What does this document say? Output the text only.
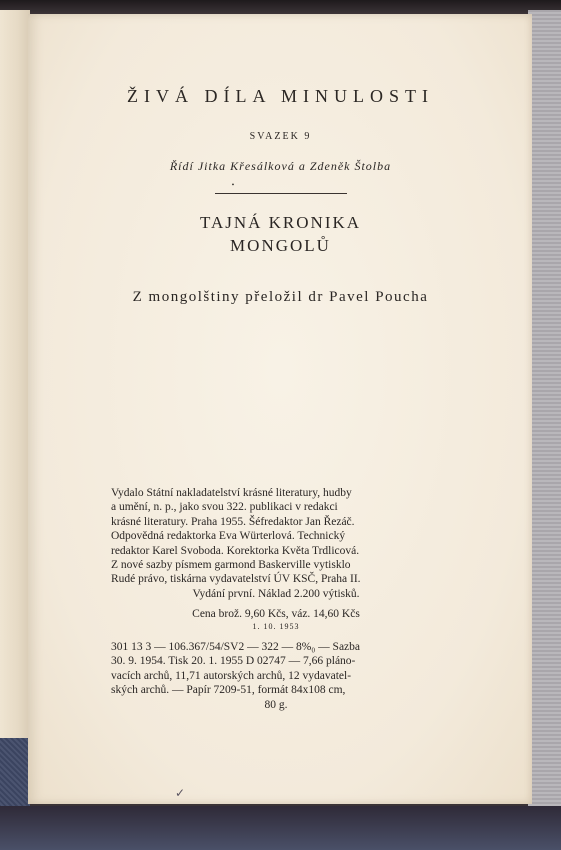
ŽIVÁ DÍLA MINULOSTI
SVAZEK 9
Řídí Jitka Křesálková a Zdeněk Štolba
•
TAJNÁ KRONIKA
MONGOLŮ
Z mongolštiny přeložil dr Pavel Poucha
Vydalo Státní nakladatelství krásné literatury, hudby
a umění, n. p., jako svou 322. publikaci v redakci
krásné literatury. Praha 1955. Šéfredaktor Jan Řezáč.
Odpovědná redaktorka Eva Würterlová. Technický
redaktor Karel Svoboda. Korektorka Květa Trdlicová.
Z nové sazby písmem garmond Baskerville vytisklo
Rudé právo, tiskárna vydavatelství ÚV KSČ, Praha II.
Vydání první. Náklad 2.200 výtisků.
Cena brož. 9,60 Kčs, váz. 14,60 Kčs
1. 10. 1953
301 13 3 — 106.367/54/SV2 — 322 — 8%₀ — Sazba
30. 9. 1954. Tisk 20. 1. 1955 D 02747 — 7,66 pláno-
vacích archů, 11,71 autorských archů, 12 vydavatel-
ských archů. — Papír 7209-51, formát 84x108 cm,
80 g.
✓
